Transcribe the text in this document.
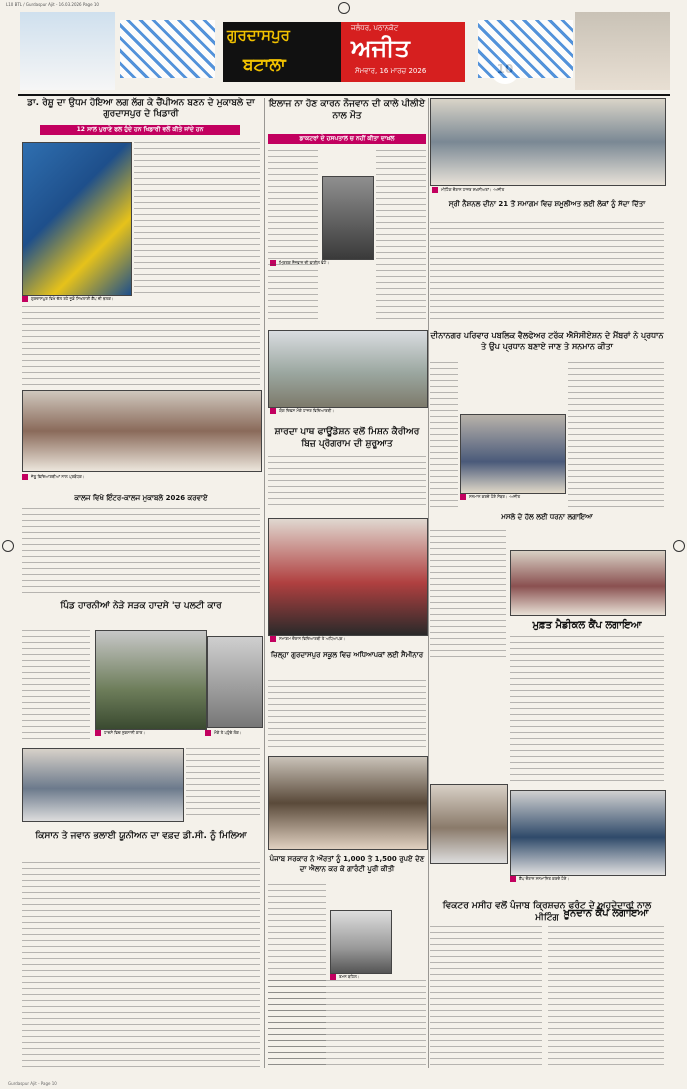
L10 BTL / Gurdaspur Ajit - 16.03.2026 Page 10
ਗੁਰਦਾਸਪੁਰ
ਬਟਾਲਾ
ਜਲੰਧਰ, ਪਠਾਨਕੋਟ
ਅਜੀਤ
ਸੋਮਵਾਰ, 16 ਮਾਰਚ 2026
ਡਾ. ਰੇਸ਼ੂ ਦਾ ਉਧਮ ਹੋਇਆ ਲਗ ਲੱਗ ਕੇ ਚੈਂਪੀਅਨ ਬਣਨ ਦੇ ਮੁਕਾਬਲੇ ਦਾ ਗੁਰਦਾਸਪੁਰ ਦੇ ਖਿਡਾਰੀ
12 ਸਾਲ ਪੁਰਾਣੇ ਫਲ ਹੁੰਦੇ ਹਨ ਖਿਡਾਰੀ ਵਲੋਂ ਕੀਤੇ ਜਾਂਦੇ ਹਨ
ਗੁਰਦਾਸਪੁਰ ਵਿਖੇ ਚੱਲ ਰਹੇ ਜੂਡੋ ਸਿਖਲਾਈ ਕੈਂਪ ਦੀ ਝਲਕ।
ਇਲਾਜ ਨਾ ਹੋਣ ਕਾਰਨ ਨੌਜਵਾਨ ਦੀ ਕਾਲੇ ਪੀਲੀਏ ਨਾਲ ਮੌਤ
ਡਾਕਟਰਾਂ ਦੇ ਹਸਪਤਾਲ ਚ ਨਹੀਂ ਕੀਤਾ ਦਾਖ਼ਲ
ਮ੍ਰਿਤਕ ਨੌਜਵਾਨ ਦੀ ਫਾਈਲ ਫੋਟੋ।
ਮੀਟਿੰਗ ਦੌਰਾਨ ਹਾਜ਼ਰ ਸ਼ਖ਼ਸੀਅਤਾਂ। -ਅਜੀਤ
ਸ੍ਰੀ ਨੈਸ਼ਨਲ ਦੀਨਾ 21 ਤੋਂ ਸਮਾਗਮ ਵਿਚ ਸ਼ਮੂਲੀਅਤ ਲਈ ਲੋਕਾਂ ਨੂੰ ਸੱਦਾ ਦਿੱਤਾ
ਯੋਗ ਦਿਵਸ ਮੌਕੇ ਹਾਜ਼ਰ ਵਿਦਿਆਰਥੀ।
ਸ਼ਾਰਦਾ ਪਾਥ ਫਾਊਂਡੇਸ਼ਨ ਵਲੋਂ ਮਿਸ਼ਨ ਕੈਰੀਅਰ ਬਿਜ਼ ਪ੍ਰੋਗਰਾਮ ਦੀ ਸ਼ੁਰੂਆਤ
ਦੀਨਾਨਗਰ ਪਰਿਵਾਰ ਪਬਲਿਕ ਵੈਲਫੇਅਰ ਟਰੱਕ ਐਸੋਸੀਏਸ਼ਨ ਦੇ ਮੈਂਬਰਾਂ ਨੇ ਪ੍ਰਧਾਨ ਤੇ ਉਪ ਪ੍ਰਧਾਨ ਬਣਾਏ ਜਾਣ ਤੇ ਸਨਮਾਨ ਕੀਤਾ
ਸਨਮਾਨ ਕਰਦੇ ਹੋਏ ਮੈਂਬਰ। -ਅਜੀਤ
ਜੇਤੂ ਵਿਦਿਆਰਥੀਆਂ ਨਾਲ ਪ੍ਰਬੰਧਕ।
ਕਾਲਜ ਵਿਖੇ ਇੰਟਰ-ਕਾਲਜ ਮੁਕਾਬਲੇ 2026 ਕਰਵਾਏ
ਪਿੰਡ ਹਾਰਨੀਆਂ ਨੇੜੇ ਸੜਕ ਹਾਦਸੇ 'ਚ ਪਲਟੀ ਕਾਰ
ਹਾਦਸੇ ਵਿਚ ਨੁਕਸਾਨੀ ਕਾਰ।	ਮੌਕੇ ਤੇ ਪਹੁੰਚੇ ਲੋਕ।
ਸਮਾਗਮ ਦੌਰਾਨ ਵਿਦਿਆਰਥੀ ਤੇ ਅਧਿਆਪਕ।
ਜ਼ਿਲ੍ਹਾ ਗੁਰਦਾਸਪੁਰ ਸਕੂਲ ਵਿਚ ਅਧਿਆਪਕਾਂ ਲਈ ਸੈਮੀਨਾਰ
ਮਸਲੇ ਦੇ ਹੱਲ ਲਈ ਧਰਨਾ ਲਗਾਇਆ
ਮੁਫ਼ਤ ਮੈਡੀਕਲ ਕੈਂਪ ਲਗਾਇਆ
ਕੈਂਪ ਦੌਰਾਨ ਸਨਮਾਨਿਤ ਕਰਦੇ ਹੋਏ।
ਕਿਸਾਨ ਤੇ ਜਵਾਨ ਭਲਾਈ ਯੂਨੀਅਨ ਦਾ ਵਫ਼ਦ ਡੀ.ਸੀ. ਨੂੰ ਮਿਲਿਆ
ਪੰਜਾਬ ਸਰਕਾਰ ਨੇ ਔਰਤਾਂ ਨੂੰ 1,000 ਤੇ 1,500 ਰੁਪਏ ਦੇਣ ਦਾ ਐਲਾਨ ਕਰ ਕੇ ਗਾਰੰਟੀ ਪੂਰੀ ਕੀਤੀ
ਰਮਨ ਬਹਿਲ।
ਵਿਕਟਰ ਮਸੀਹ ਵਲੋਂ ਪੰਜਾਬ ਕ੍ਰਿਸ਼ਚਨ ਫਰੰਟ ਦੇ ਅਹੁਦੇਦਾਰਾਂ ਨਾਲ ਮੀਟਿੰਗ ਖ਼ੂਨਦਾਨ ਕੈਂਪ ਲਗਾਇਆ
Gurdaspur Ajit - Page 10
